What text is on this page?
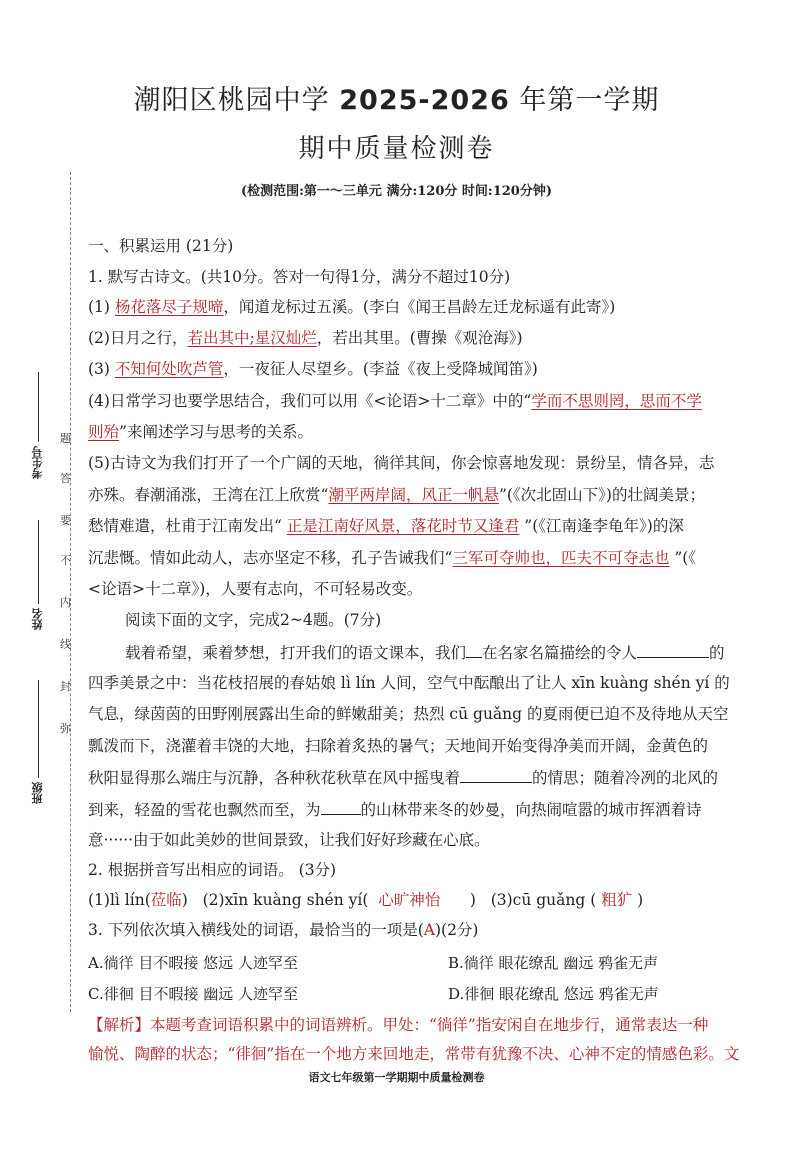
潮阳区桃园中学 2025-2026 年第一学期
期中质量检测卷
(检测范围:第一～三单元 满分:120分 时间:120分钟)
考生号
姓名
班级
题
答
要
不
内
线
封
弥
一、积累运用 (21分)
1. 默写古诗文。(共10分。答对一句得1分，满分不超过10分)
(1) 杨花落尽子规啼，闻道龙标过五溪。(李白《闻王昌龄左迁龙标遥有此寄》)
(2)日月之行，若出其中;星汉灿烂，若出其里。(曹操《观沧海》)
(3) 不知何处吹芦管，一夜征人尽望乡。(李益《夜上受降城闻笛》)
(4)日常学习也要学思结合，我们可以用《<论语>十二章》中的“学而不思则罔，思而不学
则殆”来阐述学习与思考的关系。
(5)古诗文为我们打开了一个广阔的天地，徜徉其间，你会惊喜地发现：景纷呈，情各异，志
亦殊。春潮涌涨，王湾在江上欣赏“潮平两岸阔，风正一帆悬”(《次北固山下》)的壮阔美景；
愁情难遣，杜甫于江南发出“ 正是江南好风景，落花时节又逢君 ”(《江南逢李龟年》)的深
沉悲慨。情如此动人，志亦坚定不移，孔子告诫我们“三军可夺帅也，匹夫不可夺志也 ”(《
<论语>十二章》)，人要有志向，不可轻易改变。
阅读下面的文字，完成2~4题。(7分)
载着希望，乘着梦想，打开我们的语文课本，我们 在名家名篇描绘的令人	的
四季美景之中：当花枝招展的春姑娘 lì lín 人间，空气中酝酿出了让人 xīn kuàng shén yí 的
气息，绿茵茵的田野刚展露出生命的鲜嫩甜美；热烈 cū guǎng 的夏雨便已迫不及待地从天空
瓢泼而下，浇灌着丰饶的大地，扫除着炙热的暑气；天地间开始变得净美而开阔，金黄色的
秋阳显得那么端庄与沉静，各种秋花秋草在风中摇曳着	的情思；随着冷冽的北风的
到来，轻盈的雪花也飘然而至，为	的山林带来冬的妙曼，向热闹喧嚣的城市挥洒着诗
意······由于如此美妙的世间景致，让我们好好珍藏在心底。
2. 根据拼音写出相应的词语。 (3分)
(1)lì lín(莅临) (2)xīn kuàng shén yí( 心旷神怡 ) (3)cū guǎng ( 粗犷 )
3. 下列依次填入横线处的词语，最恰当的一项是(A)(2分)
A.徜徉 目不暇接 悠远 人迹罕至	B.徜徉 眼花缭乱 幽远 鸦雀无声
C.徘徊 目不暇接 幽远 人迹罕至	D.徘徊 眼花缭乱 悠远 鸦雀无声
【解析】本题考查词语积累中的词语辨析。甲处：“徜徉”指安闲自在地步行，通常表达一种
愉悦、陶醉的状态；“徘徊”指在一个地方来回地走，常带有犹豫不决、心神不定的情感色彩。文
语文七年级第一学期期中质量检测卷
